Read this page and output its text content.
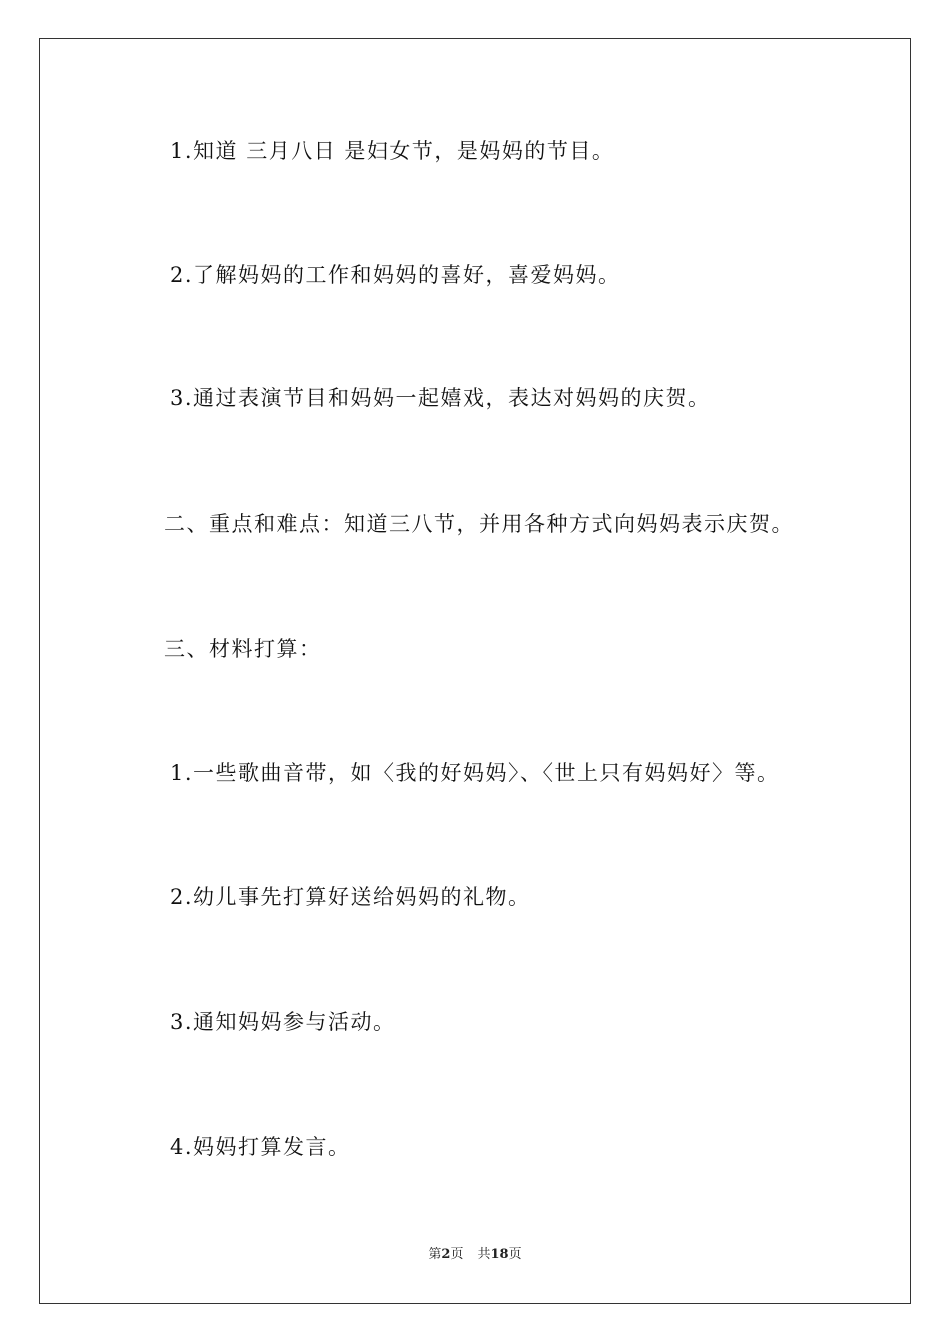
1.知道 三月八日 是妇女节，是妈妈的节目。
2.了解妈妈的工作和妈妈的喜好，喜爱妈妈。
3.通过表演节目和妈妈一起嬉戏，表达对妈妈的庆贺。
二、重点和难点：知道三八节，并用各种方式向妈妈表示庆贺。
三、材料打算：
1.一些歌曲音带，如〈我的好妈妈〉、〈世上只有妈妈好〉等。
2.幼儿事先打算好送给妈妈的礼物。
3.通知妈妈参与活动。
4.妈妈打算发言。
第2页 共18页
